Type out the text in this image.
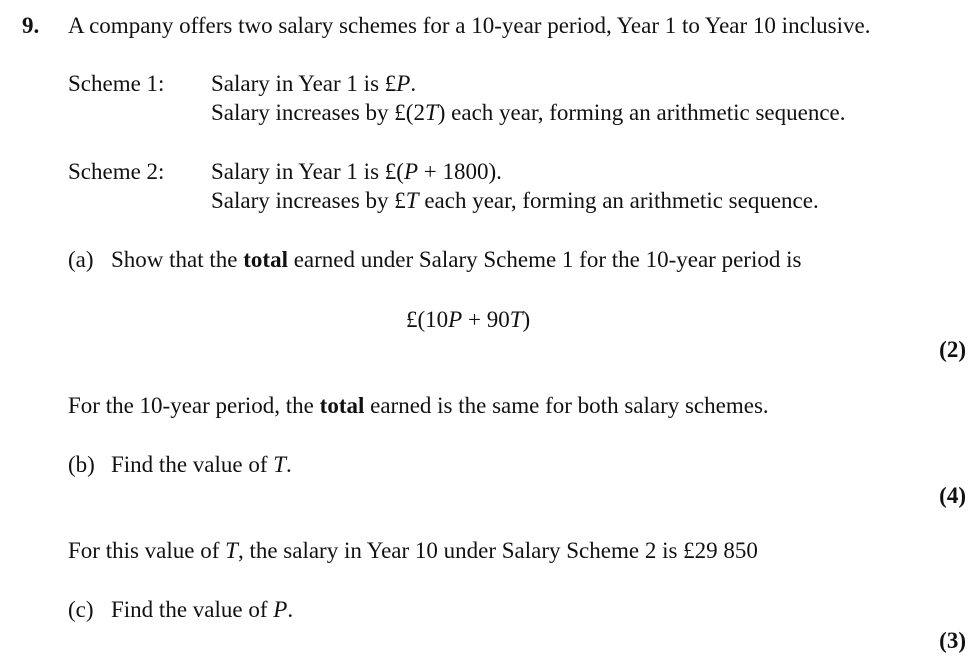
9. A company offers two salary schemes for a 10-year period, Year 1 to Year 10 inclusive.
Scheme 1: Salary in Year 1 is £P.
Salary increases by £(2T) each year, forming an arithmetic sequence.
Scheme 2: Salary in Year 1 is £(P + 1800).
Salary increases by £T each year, forming an arithmetic sequence.
(a) Show that the total earned under Salary Scheme 1 for the 10-year period is
£(10P + 90T)
(2)
For the 10-year period, the total earned is the same for both salary schemes.
(b) Find the value of T.
(4)
For this value of T, the salary in Year 10 under Salary Scheme 2 is £29 850
(c) Find the value of P.
(3)
